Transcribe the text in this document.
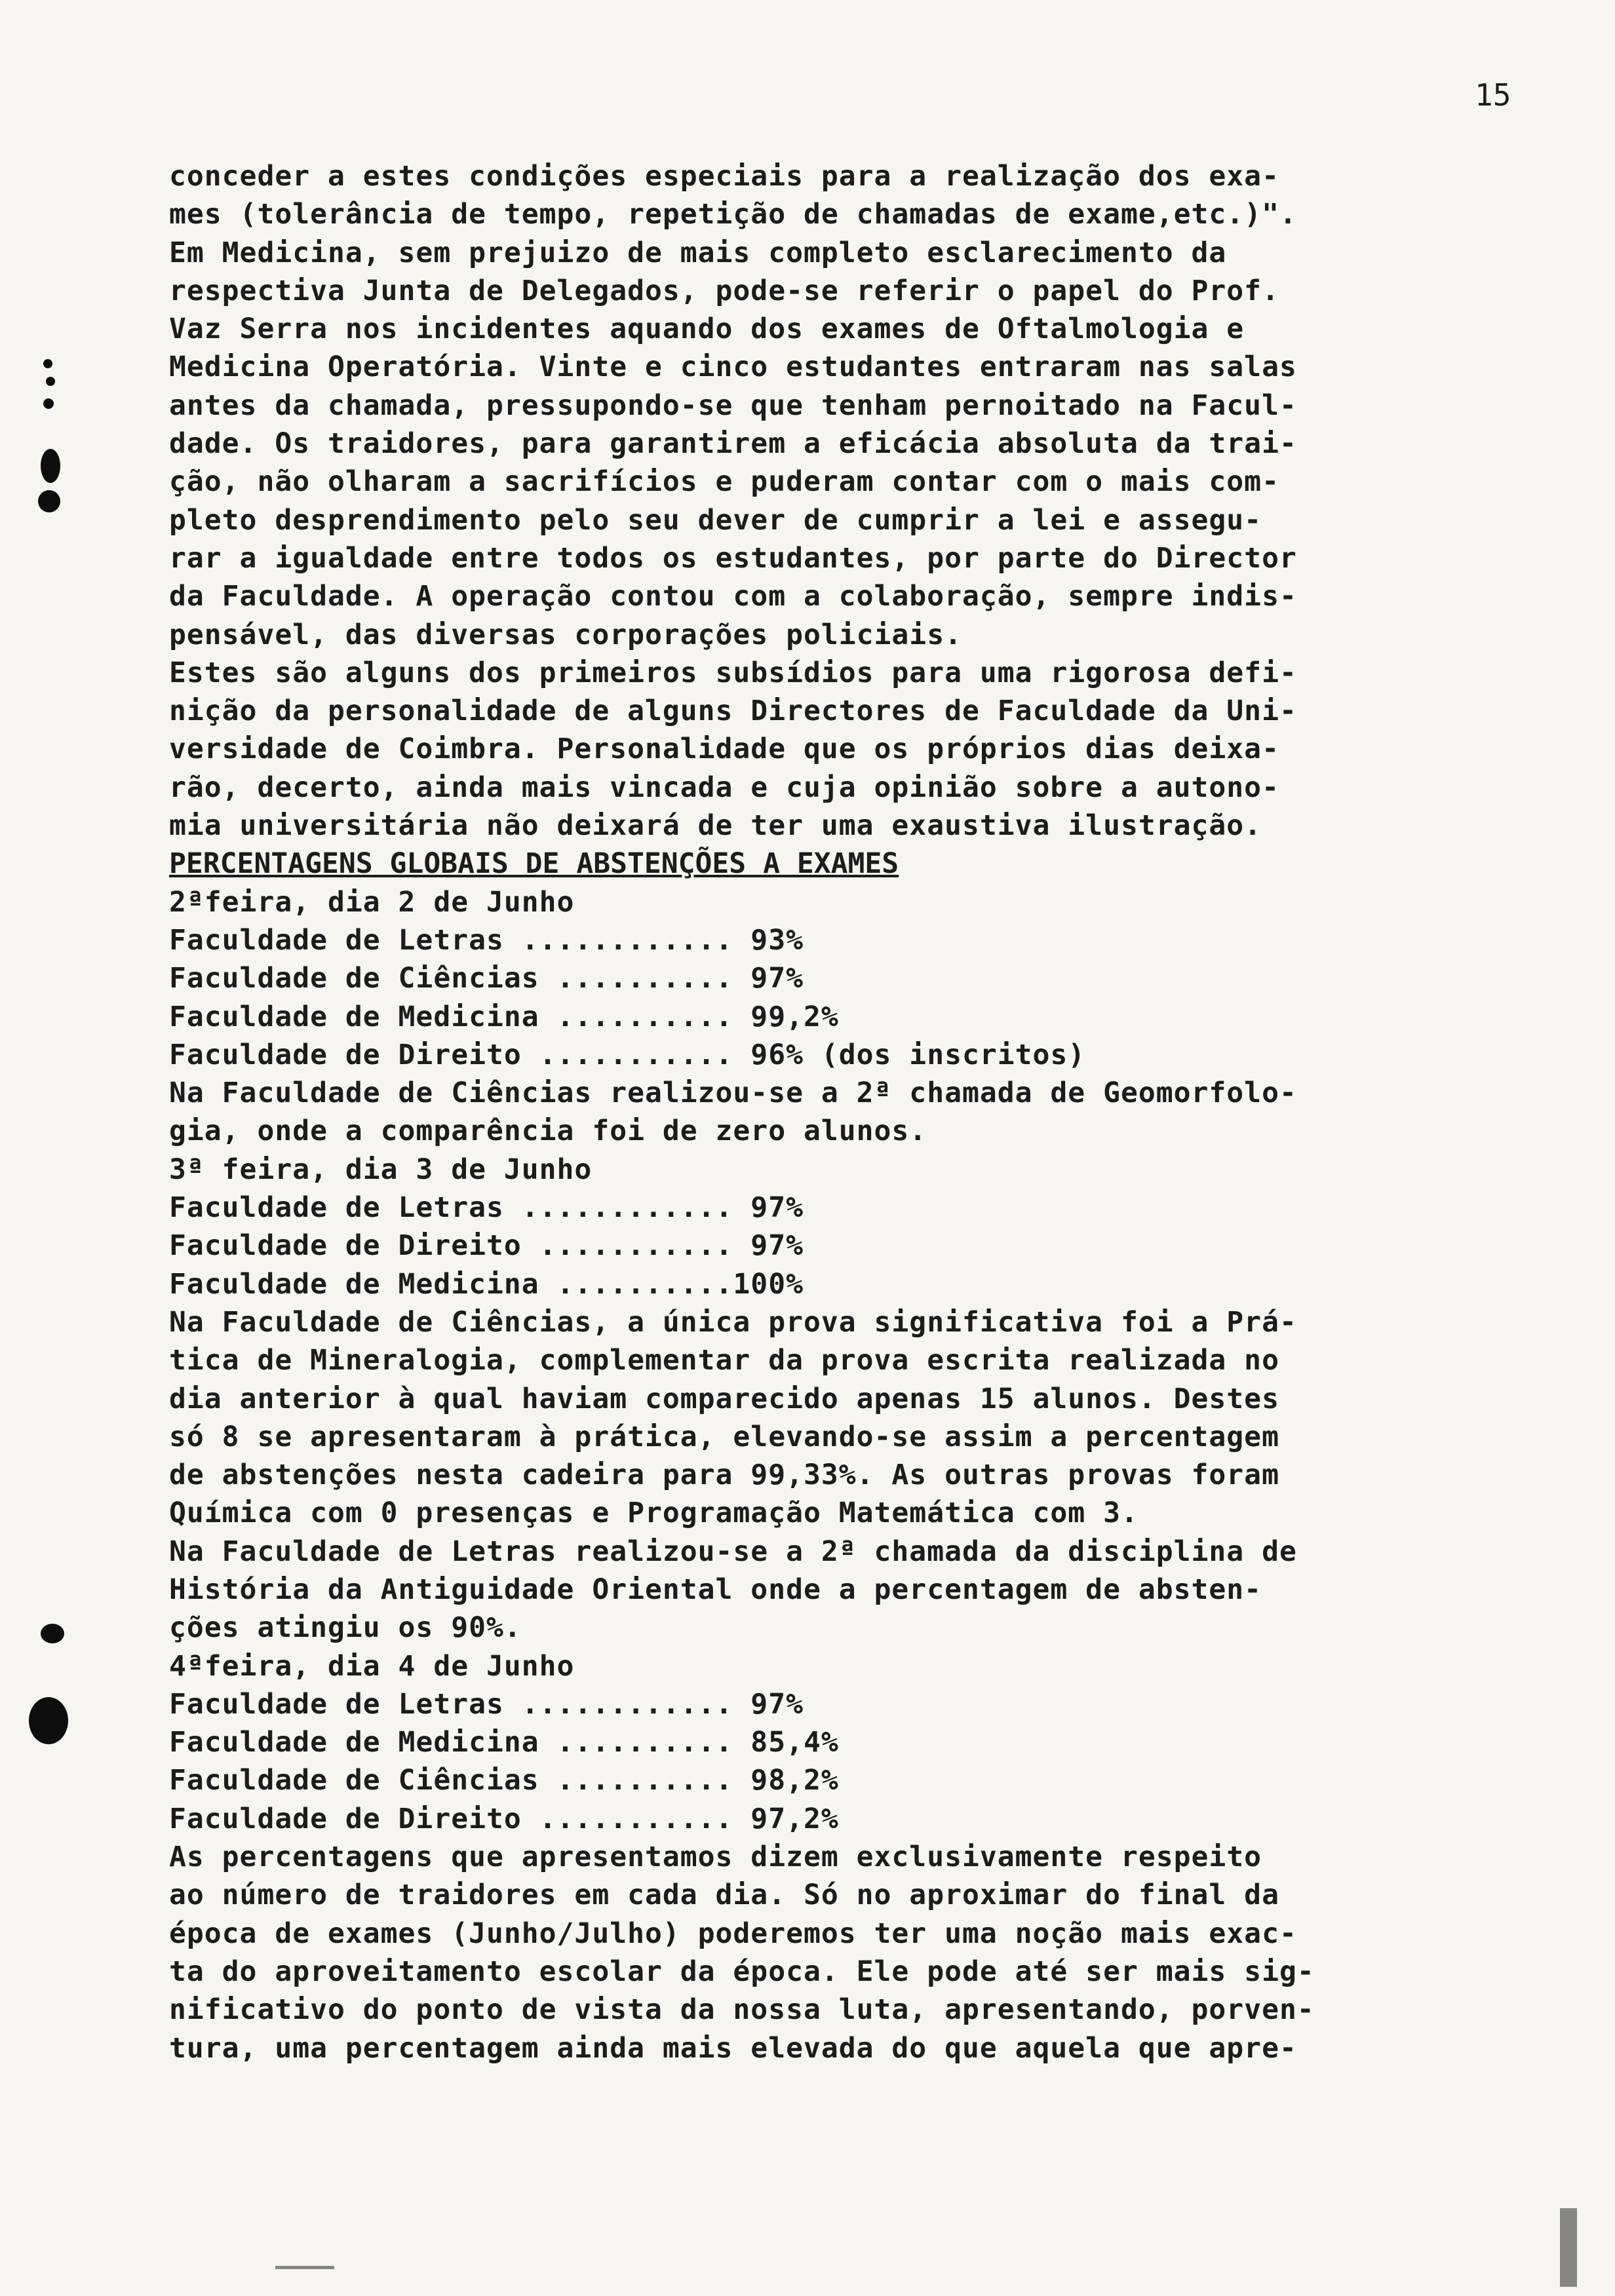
15
conceder a estes condições especiais para a realização dos exa-
mes (tolerância de tempo, repetição de chamadas de exame,etc.)".
Em Medicina, sem prejuizo de mais completo esclarecimento da
respectiva Junta de Delegados, pode-se referir o papel do Prof.
Vaz Serra nos incidentes aquando dos exames de Oftalmologia e
Medicina Operatória. Vinte e cinco estudantes entraram nas salas
antes da chamada, pressupondo-se que tenham pernoitado na Facul-
dade. Os traidores, para garantirem a eficácia absoluta da trai-
ção, não olharam a sacrifícios e puderam contar com o mais com-
pleto desprendimento pelo seu dever de cumprir a lei e assegu-
rar a igualdade entre todos os estudantes, por parte do Director
da Faculdade. A operação contou com a colaboração, sempre indis-
pensável, das diversas corporações policiais.
Estes são alguns dos primeiros subsídios para uma rigorosa defi-
nição da personalidade de alguns Directores de Faculdade da Uni-
versidade de Coimbra. Personalidade que os próprios dias deixa-
rão, decerto, ainda mais vincada e cuja opinião sobre a autono-
mia universitária não deixará de ter uma exaustiva ilustração.
PERCENTAGENS GLOBAIS DE ABSTENÇÕES A EXAMES
2ªfeira, dia 2 de Junho
Faculdade de Letras ............ 93%
Faculdade de Ciências .......... 97%
Faculdade de Medicina .......... 99,2%
Faculdade de Direito ........... 96% (dos inscritos)
Na Faculdade de Ciências realizou-se a 2ª chamada de Geomorfolo-
gia, onde a comparência foi de zero alunos.
3ª feira, dia 3 de Junho
Faculdade de Letras ............ 97%
Faculdade de Direito ........... 97%
Faculdade de Medicina ..........100%
Na Faculdade de Ciências, a única prova significativa foi a Prá-
tica de Mineralogia, complementar da prova escrita realizada no
dia anterior à qual haviam comparecido apenas 15 alunos. Destes
só 8 se apresentaram à prática, elevando-se assim a percentagem
de abstenções nesta cadeira para 99,33%. As outras provas foram
Química com 0 presenças e Programação Matemática com 3.
Na Faculdade de Letras realizou-se a 2ª chamada da disciplina de
História da Antiguidade Oriental onde a percentagem de absten-
ções atingiu os 90%.
4ªfeira, dia 4 de Junho
Faculdade de Letras ............ 97%
Faculdade de Medicina .......... 85,4%
Faculdade de Ciências .......... 98,2%
Faculdade de Direito ........... 97,2%
As percentagens que apresentamos dizem exclusivamente respeito
ao número de traidores em cada dia. Só no aproximar do final da
época de exames (Junho/Julho) poderemos ter uma noção mais exac-
ta do aproveitamento escolar da época. Ele pode até ser mais sig-
nificativo do ponto de vista da nossa luta, apresentando, porven-
tura, uma percentagem ainda mais elevada do que aquela que apre-
